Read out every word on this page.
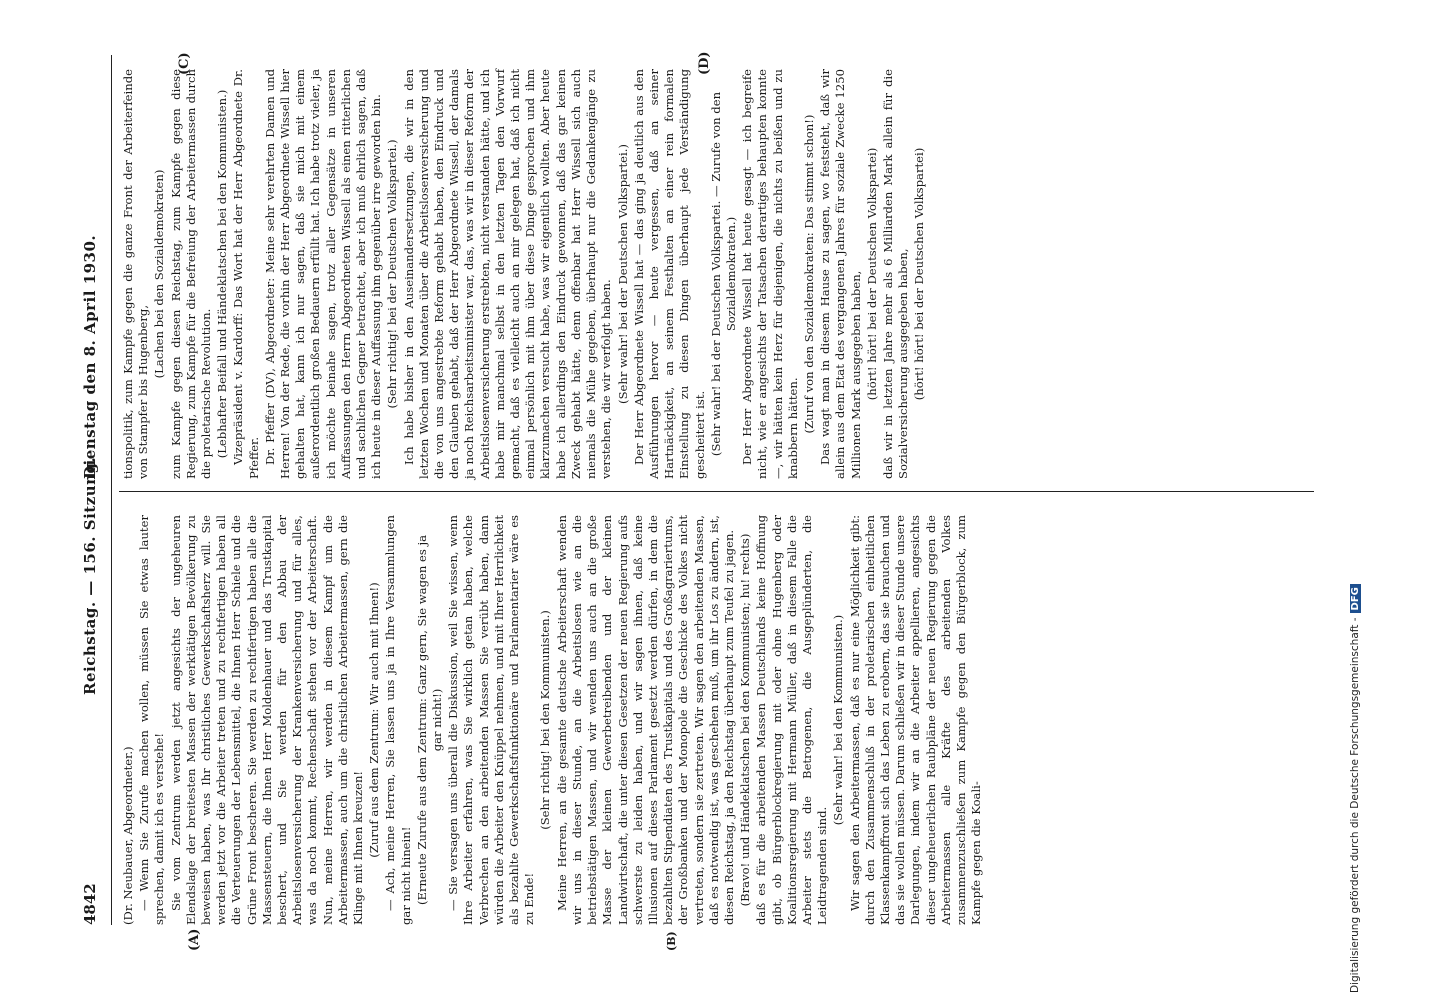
4842
Reichstag. — 156. Sitzung.
Dienstag den 8. April 1930.
(A)	(B)
(C)	(D)

(Dr. Neubauer, Abgeordneter.) — Wenn Sie Zurufe machen wollen, müssen Sie etwas lauter sprechen, damit ich es verstehe! Sie vom Zentrum werden jetzt angesichts der ungeheuren Elendslage der breitesten Massen der werktätigen Bevölkerung zu beweisen haben, was Ihr christliches Gewerkschaftsherz will. Sie werden jetzt vor die Arbeiter treten und zu rechtfertigen haben all die Verteuerungen der Lebensmittel, die Ihnen Herr Schiele und die Grüne Front bescheren. Sie werden zu rechtfertigen haben alle die Massensteuern, die Ihnen Herr Moldenhauer und das Trustkapital beschert, und Sie werden für den Abbau der Arbeitslosenversicherung der Krankenversicherung und für alles, was da noch kommt, Rechenschaft stehen vor der Arbeiterschaft. Nun, meine Herren, wir werden in diesem Kampf um die Arbeitermassen, auch um die christlichen Arbeitermassen, gern die Klinge mit Ihnen kreuzen! (Zuruf aus dem Zentrum: Wir auch mit Ihnen!) — Ach, meine Herren, Sie lassen uns ja in Ihre Versammlungen gar nicht hinein! (Erneute Zurufe aus dem Zentrum: Ganz gern, Sie wagen es ja gar nicht!) — Sie versagen uns überall die Diskussion, weil Sie wissen, wenn Ihre Arbeiter erfahren, was Sie wirklich getan haben, welche Verbrechen an den arbeitenden Massen Sie verübt haben, dann würden die Arbeiter den Knüppel nehmen, und mit Ihrer Herrlichkeit als bezahlte Gewerkschaftsfunktionäre und Parlamentarier wäre es zu Ende!

(Sehr richtig! bei den Kommunisten.) Meine Herren, an die gesamte deutsche Arbeiterschaft wenden wir uns in dieser Stunde, an die Arbeitslosen wie an die betriebstätigen Massen, und wir wenden uns auch an die große Masse der kleinen Gewerbetreibenden und der kleinen Landwirtschaft, die unter diesen Gesetzen der neuen Regierung aufs schwerste zu leiden haben, und wir sagen ihnen, daß keine Illusionen auf dieses Parlament gesetzt werden dürfen, in dem die bezahlten Stipendiaten des Trustkapitals und des Großagrariertums, der Großbanken und der Monopole die Geschicke des Volkes nicht vertreten, sondern sie zertreten. Wir sagen den arbeitenden Massen, daß es notwendig ist, was geschehen muß, um ihr Los zu ändern, ist, diesen Reichstag, ja den Reichstag überhaupt zum Teufel zu jagen. (Bravo! und Händeklatschen bei den Kommunisten; hu! rechts) daß es für die arbeitenden Massen Deutschlands keine Hoffnung gibt, ob Bürgerblockregierung mit oder ohne Hugenberg oder Koalitionsregierung mit Hermann Müller, daß in diesem Falle die Arbeiter stets die Betrogenen, die Ausgeplünderten, die Leidtragenden sind.

(Sehr wahr! bei den Kommunisten.) Wir sagen den Arbeitermassen, daß es nur eine Möglichkeit gibt: durch den Zusammenschluß in der proletarischen einheitlichen Klassenkampffront sich das Leben zu erobern, das sie brauchen und das sie wollen müssen. Darum schließen wir in dieser Stunde unsere Darlegungen, indem wir an die Arbeiter appellieren, angesichts dieser ungeheuerlichen Raubpläne der neuen Regierung gegen die Arbeitermassen alle Kräfte des arbeitenden Volkes zusammenzuschließen zum Kampfe gegen den Bürgerblock, zum Kampfe gegen die Koali-

tionspolitik, zum Kampfe gegen die ganze Front der Arbeiterfeinde von Stampfer bis Hugenberg,

(Lachen bei den Sozialdemokraten) zum Kampfe gegen diesen Reichstag, zum Kampfe gegen diese Regierung, zum Kampfe für die Befreiung der Arbeitermassen durch die proletarische Revolution. (Lebhafter Beifall und Händeklatschen bei den Kommunisten.) Vizepräsident v. Kardorff: Das Wort hat der Herr Abgeordnete Dr. Pfeffer. Dr. Pfeffer (DV), Abgeordneter: Meine sehr verehrten Damen und Herren! Von der Rede, die vorhin der Herr Abgeordnete Wissell hier gehalten hat, kann ich nur sagen, daß sie mich mit einem außerordentlich großen Bedauern erfüllt hat. Ich habe trotz vieler, ja ich möchte beinahe sagen, trotz aller Gegensätze in unseren Auffassungen den Herrn Abgeordneten Wissell als einen ritterlichen und sachlichen Gegner betrachtet, aber ich muß ehrlich sagen, daß ich heute in dieser Auffassung ihm gegenüber irre geworden bin. (Sehr richtig! bei der Deutschen Volkspartei.) Ich habe bisher in den Auseinandersetzungen, die wir in den letzten Wochen und Monaten über die Arbeitslosenversicherung und die von uns angestrebte Reform gehabt haben, den Eindruck und den Glauben gehabt, daß der Herr Abgeordnete Wissell, der damals ja noch Reichsarbeitsminister war, das, was wir in dieser Reform der Arbeitslosenversicherung erstrebten, nicht verstanden hätte, und ich habe mir manchmal selbst in den letzten Tagen den Vorwurf gemacht, daß es vielleicht auch an mir gelegen hat, daß ich nicht einmal persönlich mit ihm über diese Dinge gesprochen und ihm klarzumachen versucht habe, was wir eigentlich wollten. Aber heute habe ich allerdings den Eindruck gewonnen, daß das gar keinen Zweck gehabt hätte, denn offenbar hat Herr Wissell sich auch niemals die Mühe gegeben, überhaupt nur die Gedankengänge zu verstehen, die wir verfolgt haben. (Sehr wahr! bei der Deutschen Volkspartei.) Der Herr Abgeordnete Wissell hat — das ging ja deutlich aus den Ausführungen hervor — heute vergessen, daß an seiner Hartnäckigkeit, an seinem Festhalten an einer rein formalen Einstellung zu diesen Dingen überhaupt jede Verständigung gescheitert ist. (Sehr wahr! bei der Deutschen Volkspartei. — Zurufe von den Sozialdemokraten.) Der Herr Abgeordnete Wissell hat heute gesagt — ich begreife nicht, wie er angesichts der Tatsachen derartiges behaupten konnte —, wir hätten kein Herz für diejenigen, die nichts zu beißen und zu knabbern hätten. (Zuruf von den Sozialdemokraten: Das stimmt schon!) Das wagt man in diesem Hause zu sagen, wo feststeht, daß wir allein aus dem Etat des vergangenen Jahres für soziale Zwecke 1250 Millionen Mark ausgegeben haben, (hört! hört! bei der Deutschen Volkspartei) daß wir in letzten Jahre mehr als 6 Milliarden Mark allein für die Sozialversicherung ausgegeben haben, (hört! hört! bei der Deutschen Volkspartei)

Digitalisierung gefördert durch die Deutsche Forschungsgemeinschaft -DFG
